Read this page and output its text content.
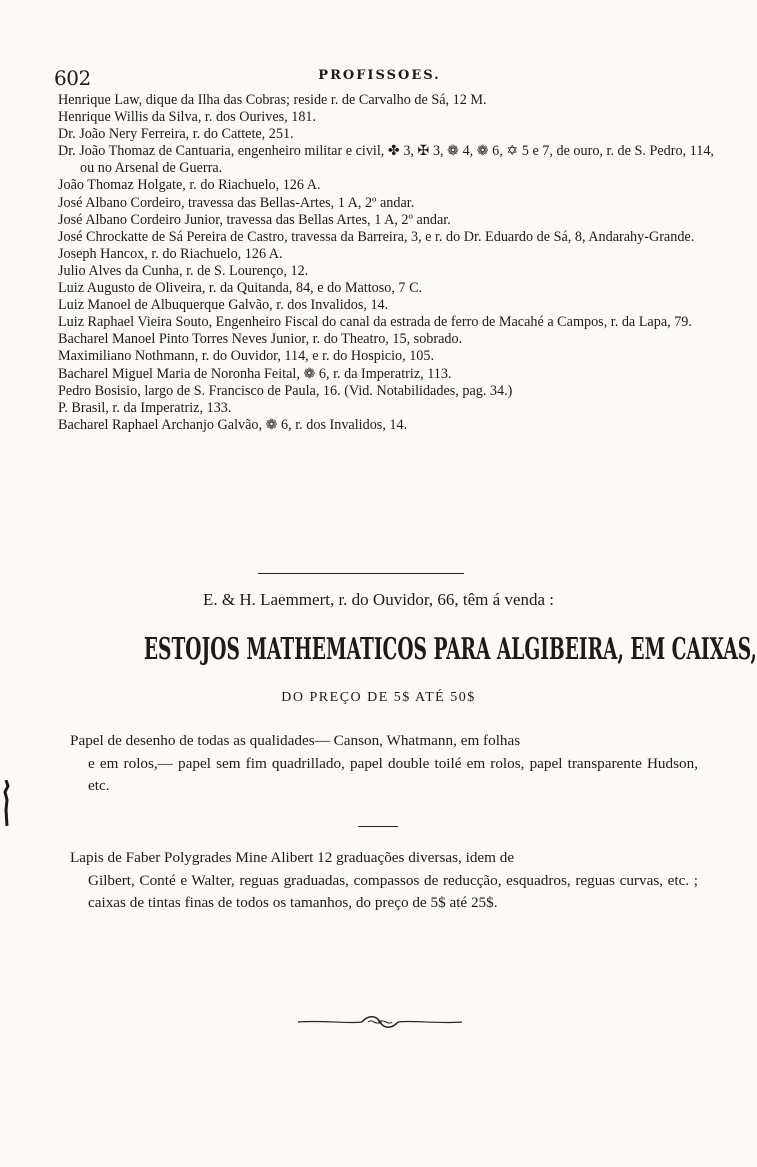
602	PROFISSOES.

Henrique Law, dique da Ilha das Cobras; reside r. de Carvalho de Sá, 12 M.

Henrique Willis da Silva, r. dos Ourives, 181.

Dr. João Nery Ferreira, r. do Cattete, 251.

Dr. João Thomaz de Cantuaria, engenheiro militar e civil, ✤ 3, ✠ 3, ❁ 4, ❁ 6, ✡ 5 e 7, de ouro, r. de S. Pedro, 114, ou no Arsenal de Guerra.

João Thomaz Holgate, r. do Riachuelo, 126 A.

José Albano Cordeiro, travessa das Bellas-Artes, 1 A, 2º andar.

José Albano Cordeiro Junior, travessa das Bellas Artes, 1 A, 2º andar.

José Chrockatte de Sá Pereira de Castro, travessa da Barreira, 3, e r. do Dr. Eduardo de Sá, 8, Andarahy-Grande.

Joseph Hancox, r. do Riachuelo, 126 A.

Julio Alves da Cunha, r. de S. Lourenço, 12.

Luiz Augusto de Oliveira, r. da Quitanda, 84, e do Mattoso, 7 C.

Luiz Manoel de Albuquerque Galvão, r. dos Invalidos, 14.

Luiz Raphael Vieira Souto, Engenheiro Fiscal do canal da estrada de ferro de Macahé a Campos, r. da Lapa, 79.

Bacharel Manoel Pinto Torres Neves Junior, r. do Theatro, 15, sobrado.

Maximiliano Nothmann, r. do Ouvidor, 114, e r. do Hospicio, 105.

Bacharel Miguel Maria de Noronha Feital, ❁ 6, r. da Imperatriz, 113.

Pedro Bosisio, largo de S. Francisco de Paula, 16. (Vid. Notabilidades, pag. 34.)

P. Brasil, r. da Imperatriz, 133.

Bacharel Raphael Archanjo Galvão, ❁ 6, r. dos Invalidos, 14.

E. & H. Laemmert, r. do Ouvidor, 66, têm á venda :
ESTOJOS MATHEMATICOS PARA ALGIBEIRA, EM CAIXAS,
DO PREÇO DE 5$ ATÉ 50$
Papel de desenho de todas as qualidades— Canson, Whatmann, em folhas
e em rolos,— papel sem fim quadrillado, papel double toilé em rolos, papel transparente Hudson, etc.
Lapis de Faber Polygrades Mine Alibert 12 graduações diversas, idem de
Gilbert, Conté e Walter, reguas graduadas, compassos de reducção, esquadros, reguas curvas, etc. ; caixas de tintas finas de todos os tamanhos, do preço de 5$ até 25$.
